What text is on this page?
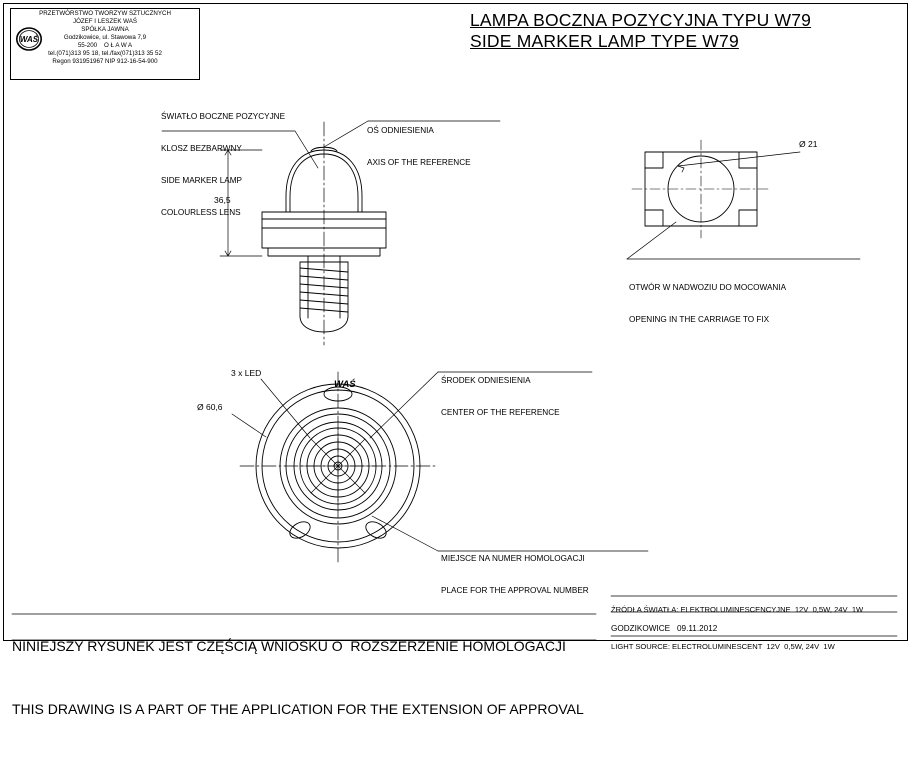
PRZETWÓRSTWO TWORZYW SZTUCZNYCH
JÓZEF I LESZEK WAŚ
SPÓŁKA JAWNA
Godzikowice, ul. Stawowa 7,9
55-200    O Ł A W A
tel.(071)313 95 18, tel./fax(071)313 35 52
Regon 931951967 NIP 912-16-54-900
WAŚ
LAMPA BOCZNA POZYCYJNA TYPU W79
SIDE MARKER LAMP TYPE W79

ŚWIATŁO BOCZNE POZYCYJNE

KLOSZ BEZBARWNY

SIDE MARKER LAMP

COLOURLESS LENS

OŚ ODNIESIENIA

AXIS OF THE REFERENCE

OTWÓR W NADWOZIU DO MOCOWANIA

OPENING IN THE CARRIAGE TO FIX

3 x LED

ŚRODEK ODNIESIENIA

CENTER OF THE REFERENCE

MIEJSCE NA NUMER HOMOLOGACJI

PLACE FOR THE APPROVAL NUMBER

Ø 60,6
Ø 21
WAŚ
36,5

NINIEJSZY RYSUNEK JEST CZĘŚCIĄ WNIOSKU O  ROZSZERZENIE HOMOLOGACJI

THIS DRAWING IS A PART OF THE APPLICATION FOR THE EXTENSION OF APPROVAL

ŹRÓDŁA ŚWIATŁA: ELEKTROLUMINESCENCYJNE  12V  0,5W, 24V  1W

LIGHT SOURCE: ELECTROLUMINESCENT  12V  0,5W, 24V  1W

GODZIKOWICE   09.11.2012
